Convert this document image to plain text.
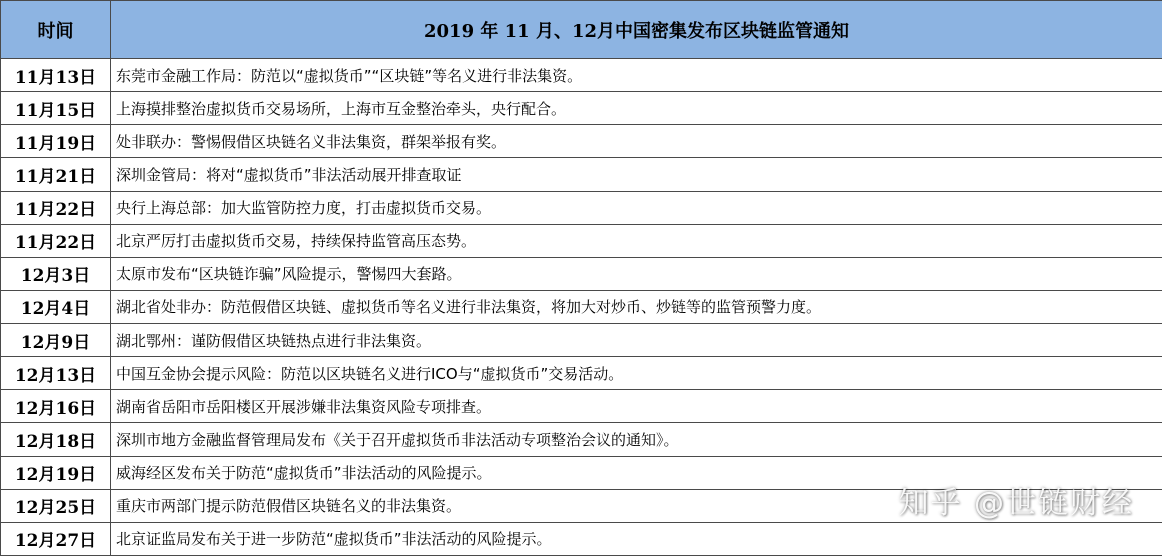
时间	2019 年 11 月、12月中国密集发布区块链监管通知
11月13日	东莞市金融工作局：防范以“虚拟货币”“区块链”等名义进行非法集资。
11月15日	上海摸排整治虚拟货币交易场所，上海市互金整治牵头，央行配合。
11月19日	处非联办：警惕假借区块链名义非法集资，群架举报有奖。
11月21日	深圳金管局：将对“虚拟货币”非法活动展开排查取证
11月22日	央行上海总部：加大监管防控力度，打击虚拟货币交易。
11月22日	北京严厉打击虚拟货币交易，持续保持监管高压态势。
12月3日	太原市发布“区块链诈骗”风险提示，警惕四大套路。
12月4日	湖北省处非办：防范假借区块链、虚拟货币等名义进行非法集资，将加大对炒币、炒链等的监管预警力度。
12月9日	湖北鄂州：谨防假借区块链热点进行非法集资。
12月13日	中国互金协会提示风险：防范以区块链名义进行ICO与“虚拟货币”交易活动。
12月16日	湖南省岳阳市岳阳楼区开展涉嫌非法集资风险专项排查。
12月18日	深圳市地方金融监督管理局发布《关于召开虚拟货币非法活动专项整治会议的通知》。
12月19日	威海经区发布关于防范“虚拟货币”非法活动的风险提示。
12月25日	重庆市两部门提示防范假借区块链名义的非法集资。
12月27日	北京证监局发布关于进一步防范“虚拟货币”非法活动的风险提示。
知乎 @世链财经
